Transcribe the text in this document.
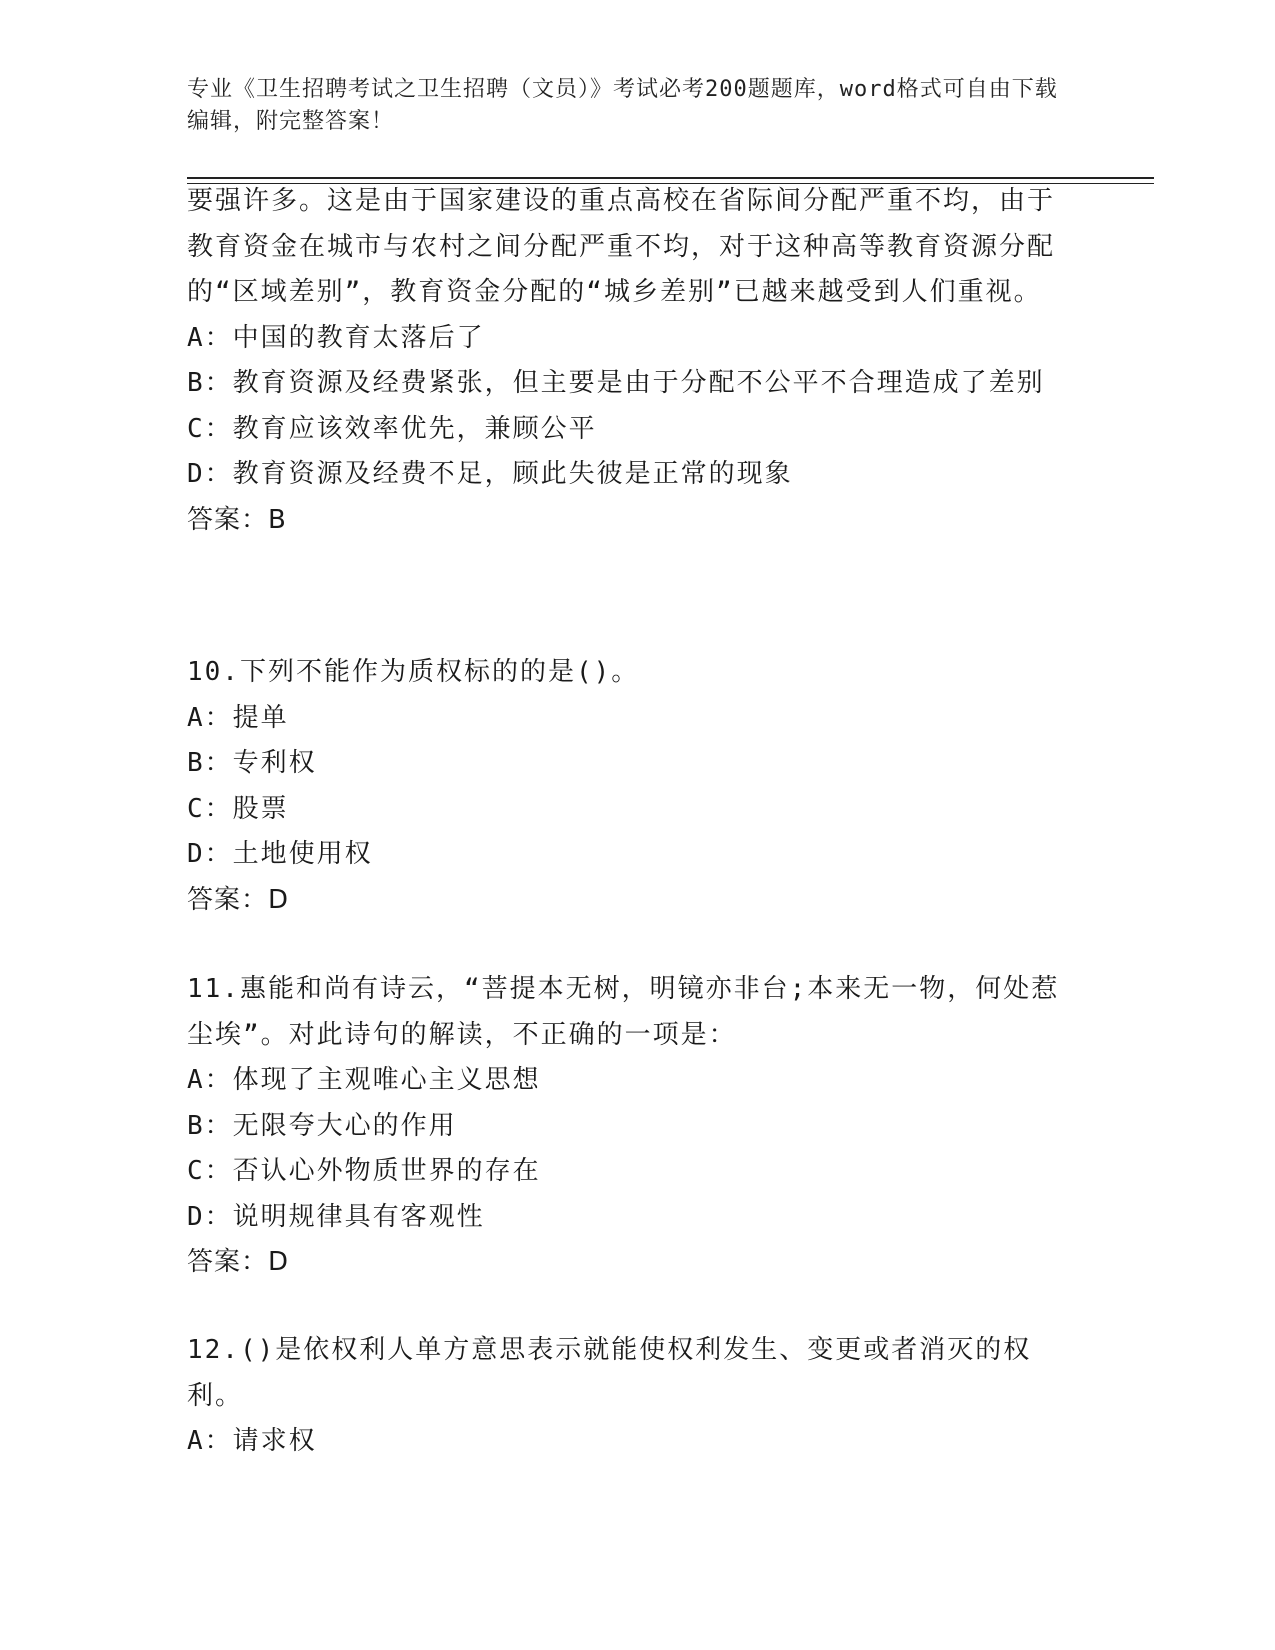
专业《卫生招聘考试之卫生招聘（文员）》考试必考200题题库，word格式可自由下载编辑，附完整答案！
要强许多。这是由于国家建设的重点高校在省际间分配严重不均，由于教育资金在城市与农村之间分配严重不均，对于这种高等教育资源分配的“区域差别”，教育资金分配的“城乡差别”已越来越受到人们重视。
A：中国的教育太落后了
B：教育资源及经费紧张，但主要是由于分配不公平不合理造成了差别
C：教育应该效率优先，兼顾公平
D：教育资源及经费不足，顾此失彼是正常的现象
答案：B
10.下列不能作为质权标的的是()。
A：提单
B：专利权
C：股票
D：土地使用权
答案：D
11.惠能和尚有诗云，“菩提本无树，明镜亦非台;本来无一物，何处惹尘埃”。对此诗句的解读，不正确的一项是：
A：体现了主观唯心主义思想
B：无限夸大心的作用
C：否认心外物质世界的存在
D：说明规律具有客观性
答案：D
12.()是依权利人单方意思表示就能使权利发生、变更或者消灭的权利。
A：请求权
